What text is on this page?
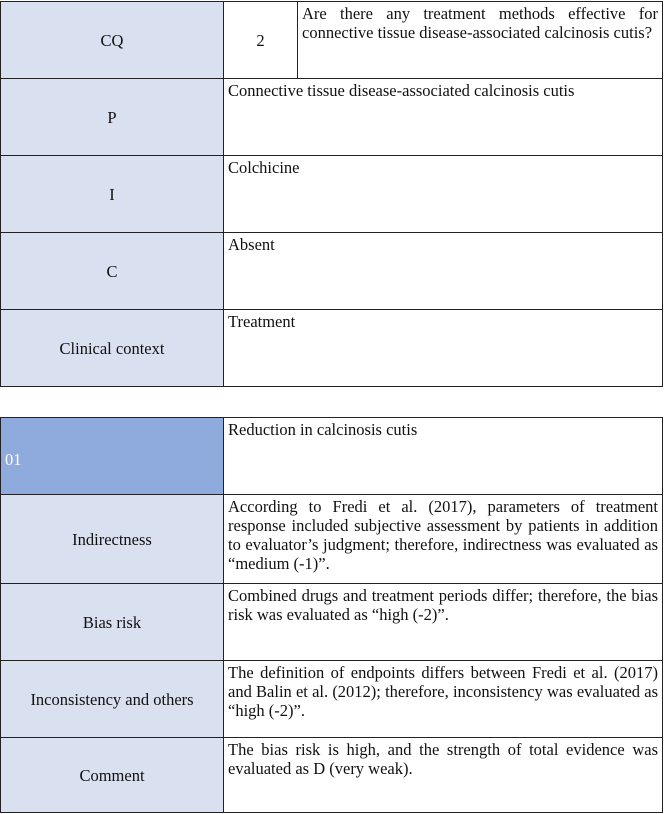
CQ	2	Are there any treatment methods effective for connective tissue disease-associated calcinosis cutis?
P	Connective tissue disease-associated calcinosis cutis	
I	Colchicine	
C	Absent	
Clinical context	Treatment	
01	Reduction in calcinosis cutis
Indirectness	According to Fredi et al. (2017), parameters of treatment response included subjective assessment by patients in addition to evaluator’s judgment; therefore, indirectness was evaluated as “medium (-1)”.
Bias risk	Combined drugs and treatment periods differ; therefore, the bias risk was evaluated as “high (-2)”.
Inconsistency and others	The definition of endpoints differs between Fredi et al. (2017) and Balin et al. (2012); therefore, inconsistency was evaluated as “high (-2)”.
Comment	The bias risk is high, and the strength of total evidence was evaluated as D (very weak).
